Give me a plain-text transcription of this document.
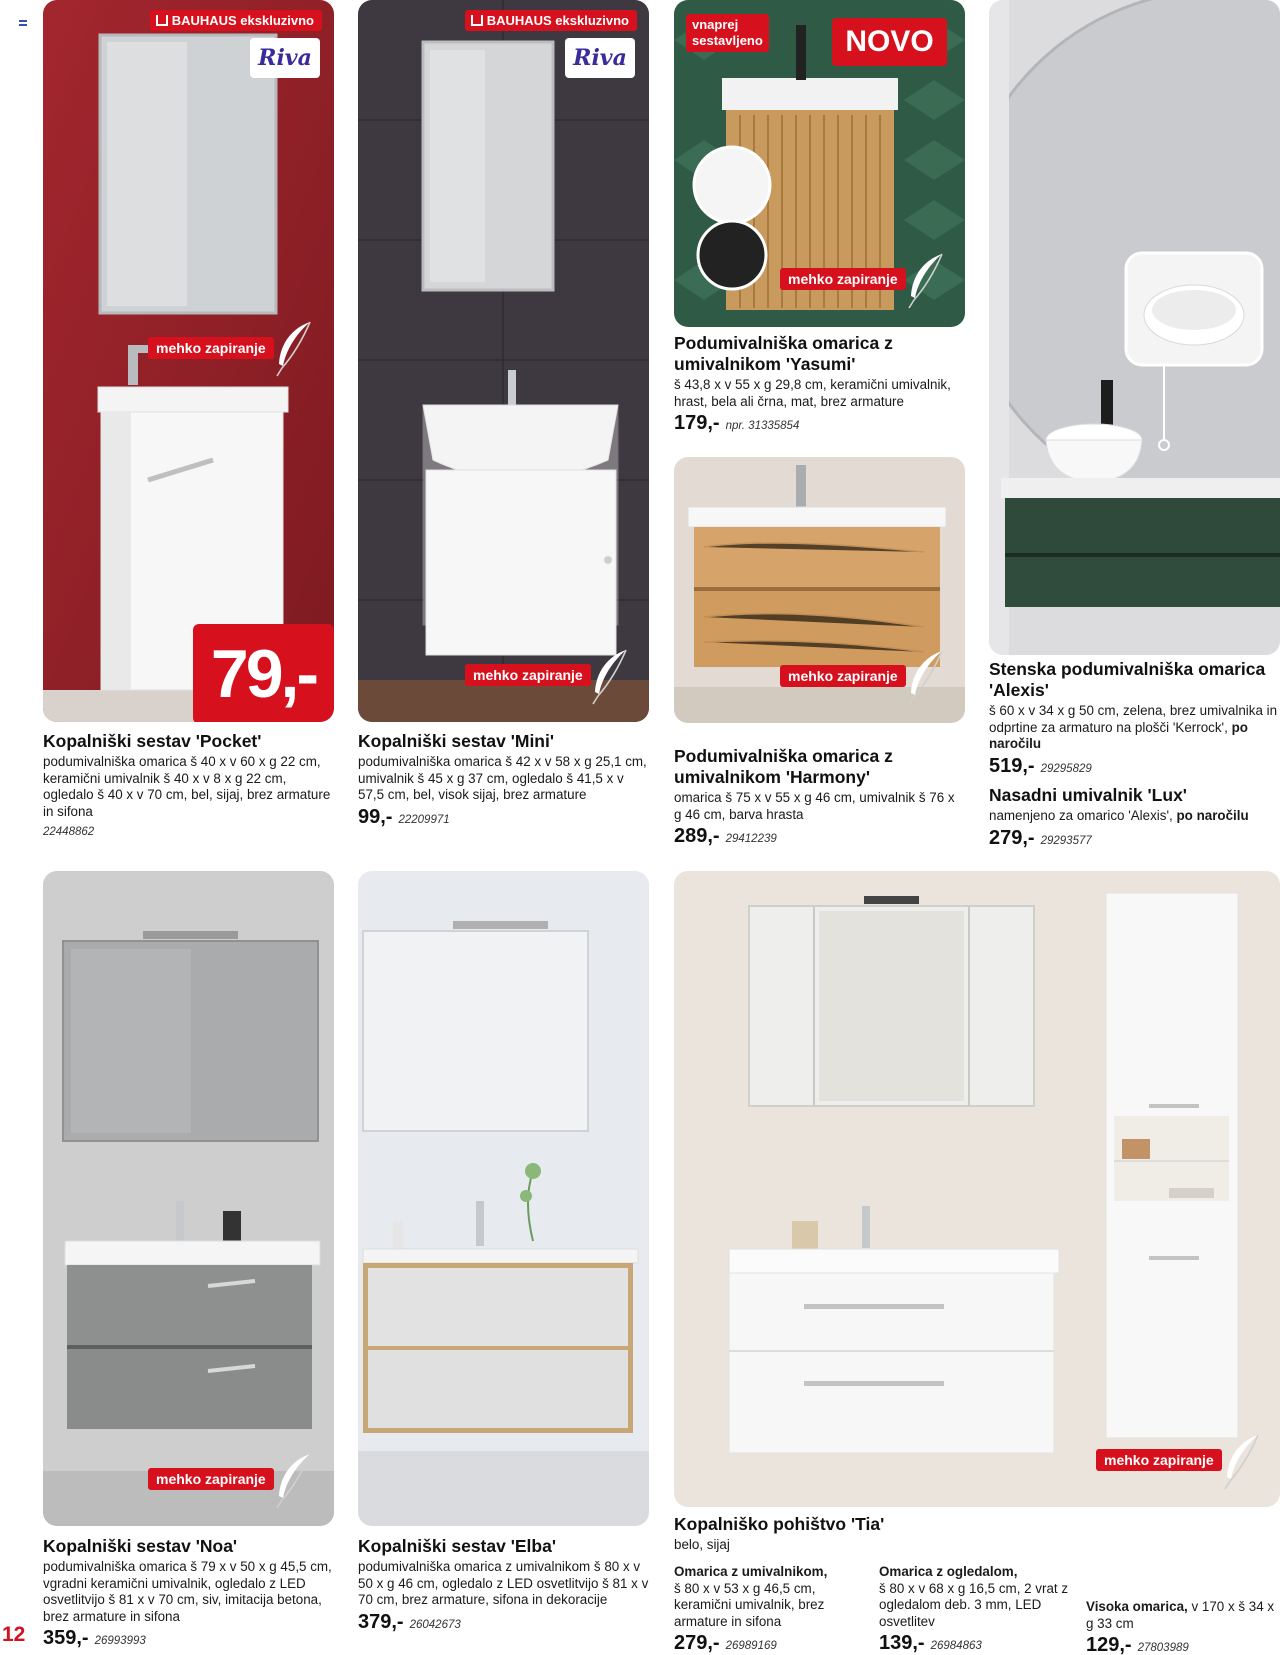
BAUHAUS ekskluzivno
Riva
mehko zapiranje
79,-
Kopalniški sestav 'Pocket'
podumivalniška omarica š 40 x v 60 x g 22 cm, keramični umivalnik š 40 x v 8 x g 22 cm, ogledalo š 40 x v 70 cm, bel, sijaj, brez armature in sifona
22448862
BAUHAUS ekskluzivno
Riva
mehko zapiranje
Kopalniški sestav 'Mini'
podumivalniška omarica š 42 x v 58 x g 25,1 cm, umivalnik š 45 x g 37 cm, ogledalo š 41,5 x v 57,5 cm, bel, visok sijaj, brez armature
99,- 22209971
vnaprej
sestavljeno	NOVO
mehko zapiranje
Podumivalniška omarica z
umivalnikom 'Yasumi'
š 43,8 x v 55 x g 29,8 cm, keramični umivalnik, hrast, bela ali črna, mat, brez armature
179,- npr. 31335854
mehko zapiranje
Podumivalniška omarica z
umivalnikom 'Harmony'
omarica š 75 x v 55 x g 46 cm, umivalnik š 76 x g 46 cm, barva hrasta
289,- 29412239
Stenska podumivalniška omarica
'Alexis'
š 60 x v 34 x g 50 cm, zelena, brez umivalnika in odprtine za armaturo na plošči 'Kerrock', po naročilu
519,- 29295829
Nasadni umivalnik 'Lux'
namenjeno za omarico 'Alexis', po naročilu
279,- 29293577
mehko zapiranje
Kopalniški sestav 'Noa'
podumivalniška omarica š 79 x v 50 x g 45,5 cm, vgradni keramični umivalnik, ogledalo z LED osvetlitvijo š 81 x v 70 cm, siv, imitacija betona, brez armature in sifona
359,- 26993993
Kopalniški sestav 'Elba'
podumivalniška omarica z umivalnikom š 80 x v 50 x g 46 cm, ogledalo z LED osvetlitvijo š 81 x v 70 cm, brez armature, sifona in dekoracije
379,- 26042673
mehko zapiranje
Kopalniško pohištvo 'Tia'
belo, sijaj
Omarica z umivalnikom,
š 80 x v 53 x g 46,5 cm, keramični umivalnik, brez armature in sifona
279,- 26989169
Omarica z ogledalom,
š 80 x v 68 x g 16,5 cm, 2 vrat z ogledalom deb. 3 mm, LED osvetlitev
139,- 26984863
Visoka omarica, v 170 x š 34 x g 33 cm
129,- 27803989
12
